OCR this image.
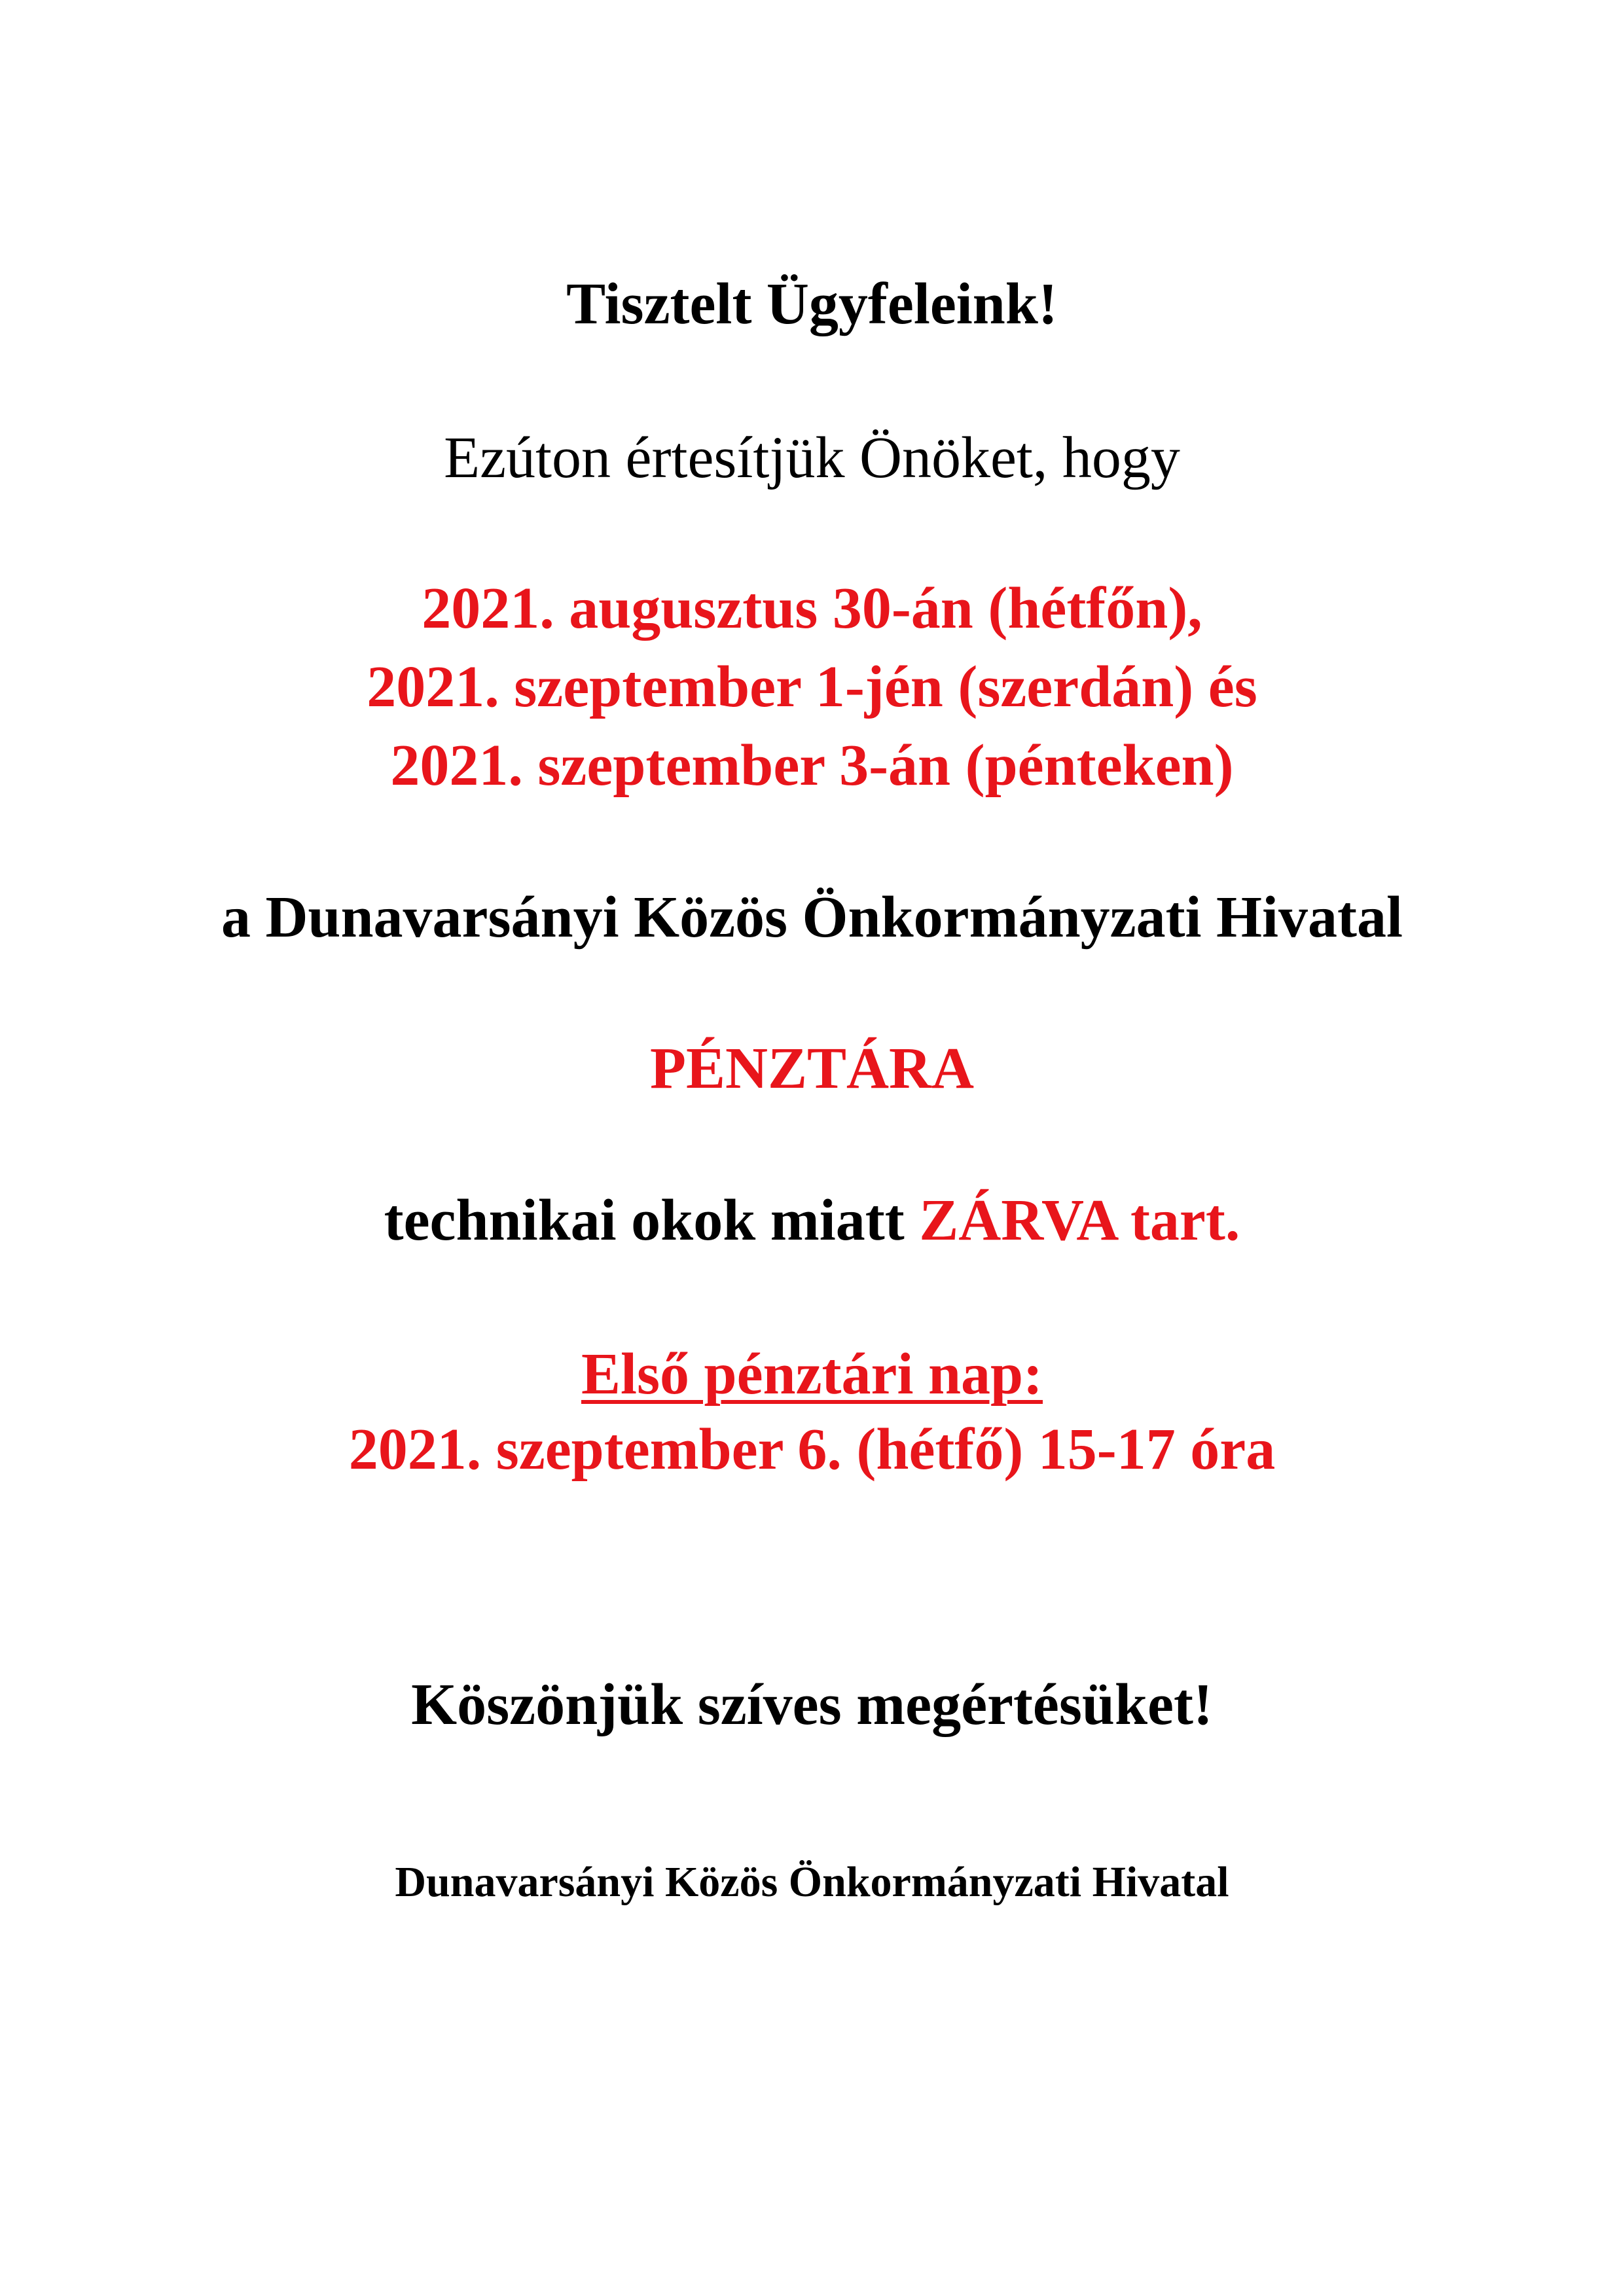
Tisztelt Ügyfeleink!
Ezúton értesítjük Önöket, hogy
2021. augusztus 30-án (hétfőn),
2021. szeptember 1-jén (szerdán) és
2021. szeptember 3-án (pénteken)
a Dunavarsányi Közös Önkormányzati Hivatal
PÉNZTÁRA
technikai okok miatt ZÁRVA tart.
Első pénztári nap:
2021. szeptember 6. (hétfő) 15-17 óra
Köszönjük szíves megértésüket!
Dunavarsányi Közös Önkormányzati Hivatal
